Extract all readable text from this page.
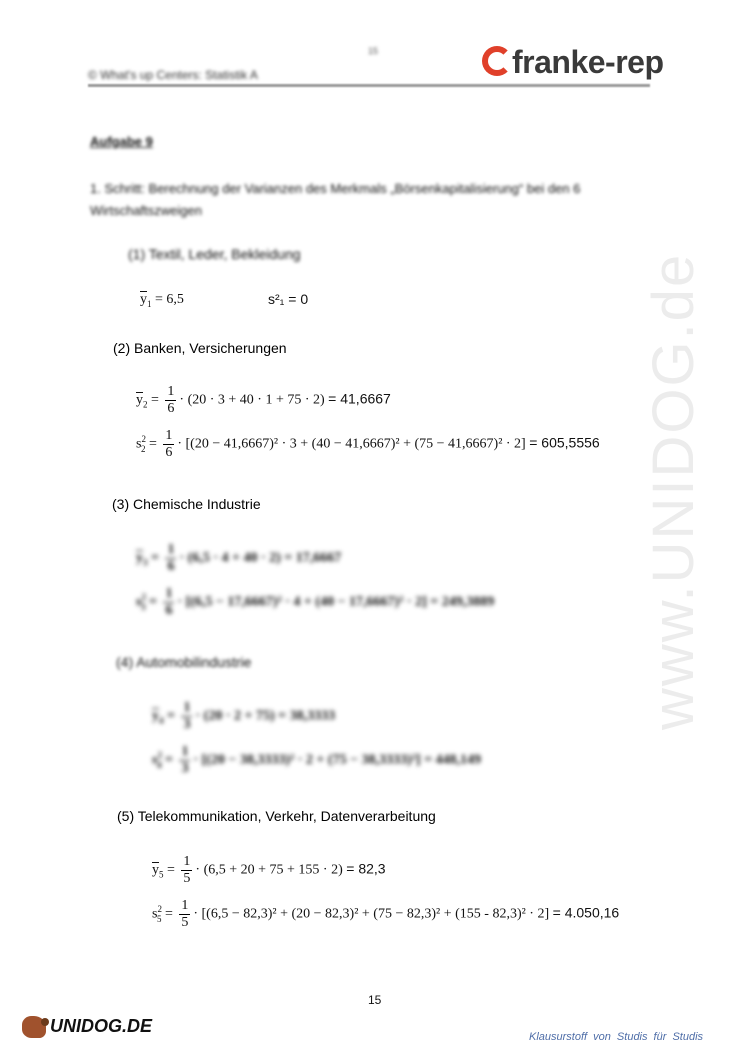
15
© What's up Centers: Statistik A	franke-rep
www.UNIDOG.de
Aufgabe 9
1. Schritt: Berechnung der Varianzen des Merkmals „Börsenkapitalisierung“ bei den 6 Wirtschaftszweigen
(1) Textil, Leder, Bekleidung
$\overline{y}_1 = 6,5$	s²₁ = 0
(2) Banken, Versicherungen
$\overline{y}_2 = \frac{1}{6} \cdot (20 \cdot 3 + 40 \cdot 1 + 75 \cdot 2) = 41,6667$
$s^2_2 = \frac{1}{6} \cdot [(20 - 41,6667)^2 \cdot 3 + (40 - 41,6667)^2 + (75 - 41,6667)^2 \cdot 2] = 605,5556$
(3) Chemische Industrie
$\overline{y}_3 = \frac{1}{6} \cdot (6,5 \cdot 4 + 40 \cdot 2) = 17,6667$
$s^2_3 = \frac{1}{6} \cdot [(6,5 - 17,6667)^2 \cdot 4 + (40 - 17,6667)^2 \cdot 2] = 249,3889$
(4) Automobilindustrie
$\overline{y}_4 = \frac{1}{3} \cdot (20 \cdot 2 + 75) = 38,3333$
$s^2_4 = \frac{1}{3} \cdot [(20 - 38,3333)^2 \cdot 2 + (75 - 38,3333)^2] = 448,149$
(5) Telekommunikation, Verkehr, Datenverarbeitung
$\overline{y}_5 = \frac{1}{5} \cdot (6,5 + 20 + 75 + 155 \cdot 2) = 82,3$
$s^2_5 = \frac{1}{5} \cdot [(6,5 - 82,3)^2 + (20 - 82,3)^2 + (75 - 82,3)^2 + (155 - 82,3)^2 \cdot 2] = 4.050,16$
15
UNIDOG.DE
Klausurstoff von Studis für Studis
